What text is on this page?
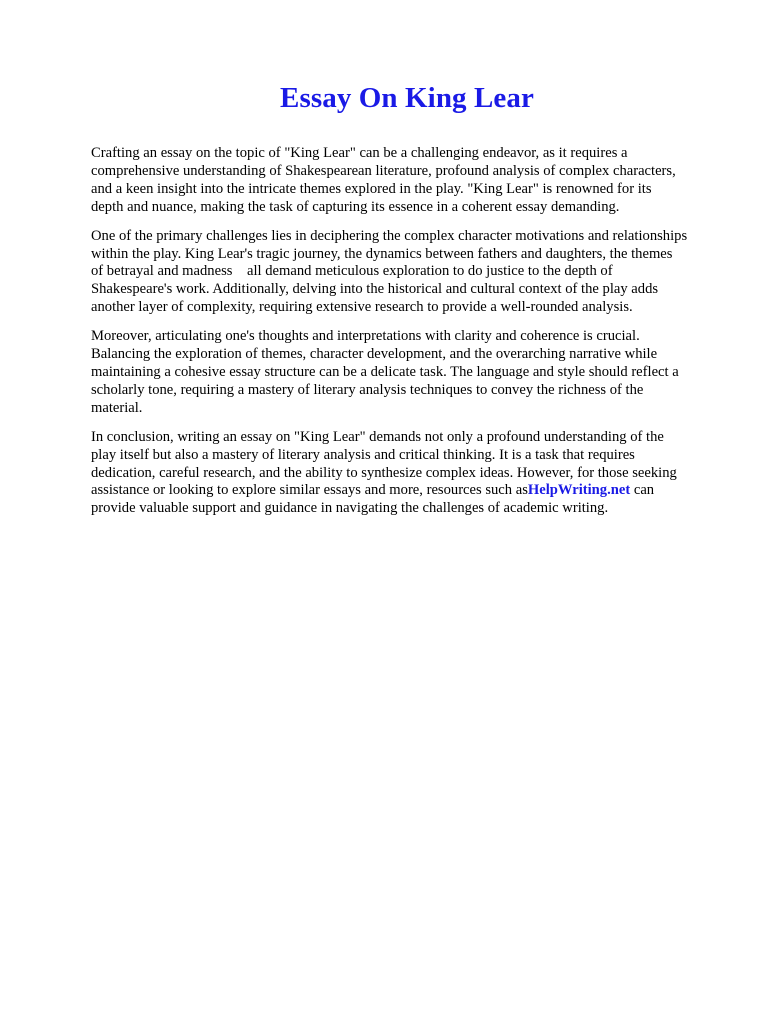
Essay On King Lear

Crafting an essay on the topic of "King Lear" can be a challenging endeavor, as it requires a
comprehensive understanding of Shakespearean literature, profound analysis of complex characters,
and a keen insight into the intricate themes explored in the play. "King Lear" is renowned for its
depth and nuance, making the task of capturing its essence in a coherent essay demanding.

One of the primary challenges lies in deciphering the complex character motivations and relationships
within the play. King Lear's tragic journey, the dynamics between fathers and daughters, the themes
of betrayal and madness    all demand meticulous exploration to do justice to the depth of
Shakespeare's work. Additionally, delving into the historical and cultural context of the play adds
another layer of complexity, requiring extensive research to provide a well-rounded analysis.

Moreover, articulating one's thoughts and interpretations with clarity and coherence is crucial.
Balancing the exploration of themes, character development, and the overarching narrative while
maintaining a cohesive essay structure can be a delicate task. The language and style should reflect a
scholarly tone, requiring a mastery of literary analysis techniques to convey the richness of the
material.

In conclusion, writing an essay on "King Lear" demands not only a profound understanding of the
play itself but also a mastery of literary analysis and critical thinking. It is a task that requires
dedication, careful research, and the ability to synthesize complex ideas. However, for those seeking
assistance or looking to explore similar essays and more, resources such asHelpWriting.net can
provide valuable support and guidance in navigating the challenges of academic writing.
